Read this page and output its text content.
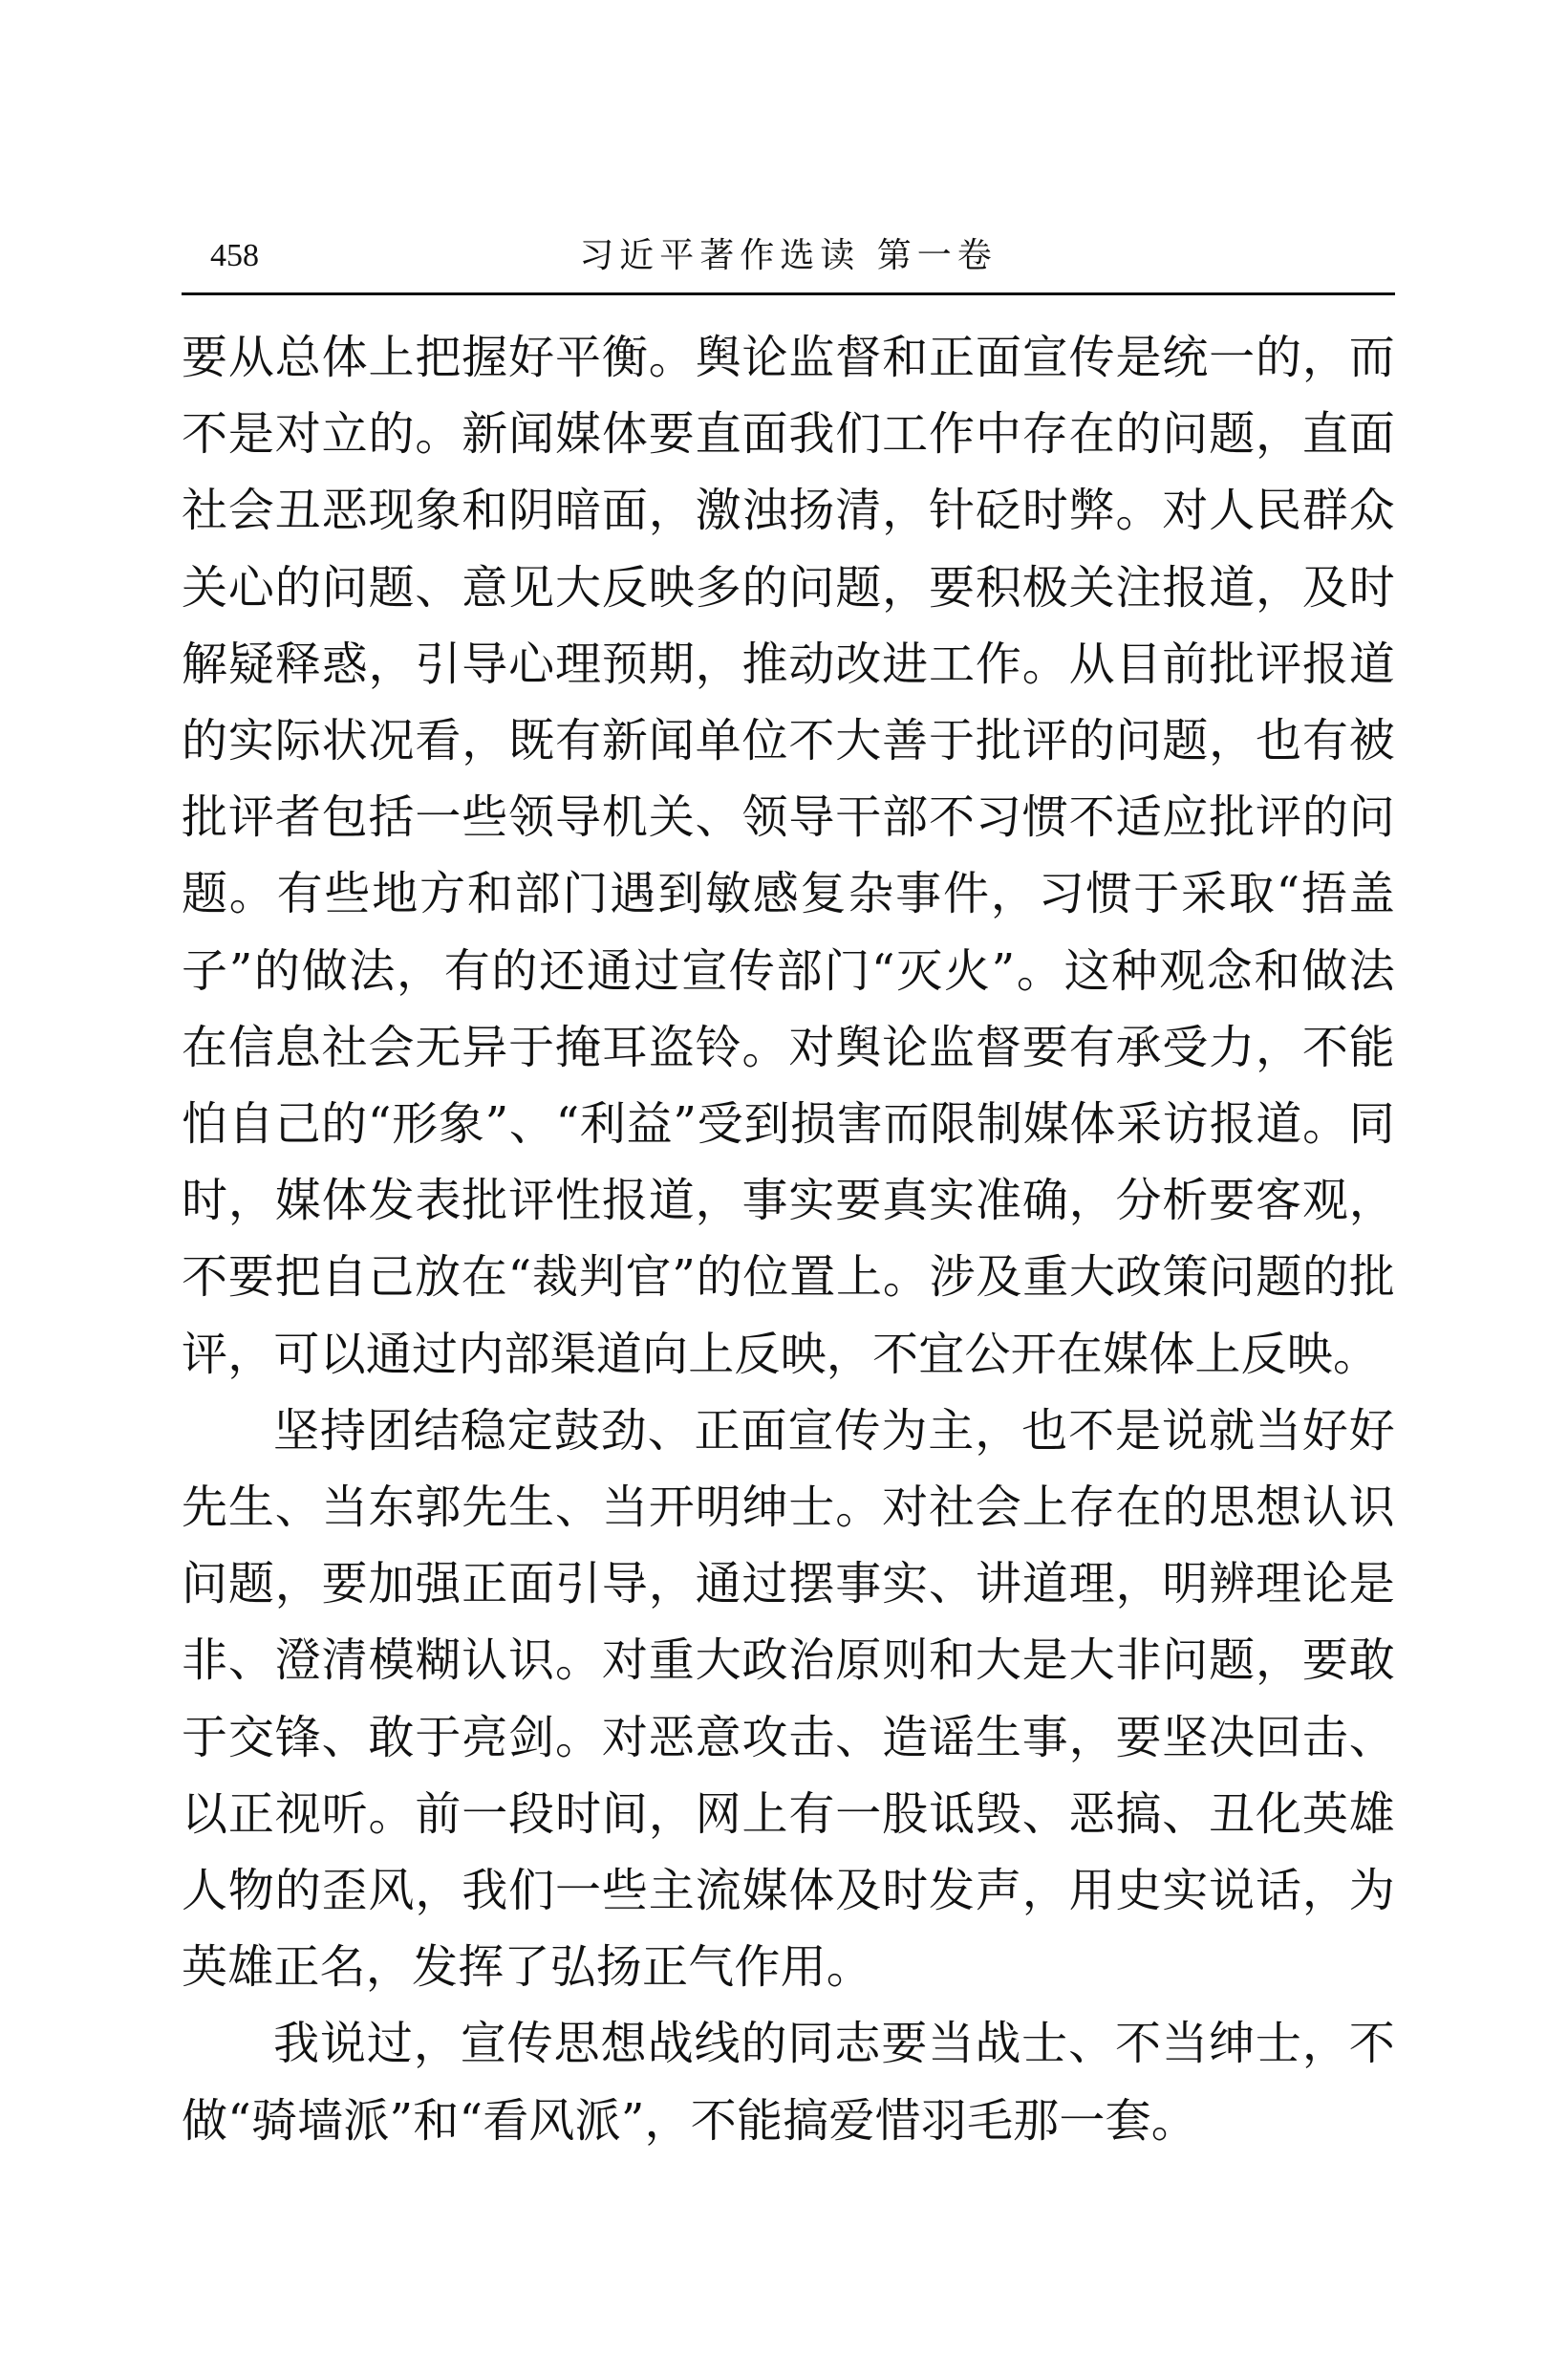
458	习近平著作选读 第一卷

要从总体上把握好平衡。舆论监督和正面宣传是统一的，而不是对立的。新闻媒体要直面我们工作中存在的问题，直面社会丑恶现象和阴暗面，激浊扬清，针砭时弊。对人民群众关心的问题、意见大反映多的问题，要积极关注报道，及时解疑释惑，引导心理预期，推动改进工作。从目前批评报道的实际状况看，既有新闻单位不大善于批评的问题，也有被批评者包括一些领导机关、领导干部不习惯不适应批评的问题。有些地方和部门遇到敏感复杂事件，习惯于采取“捂盖子”的做法，有的还通过宣传部门“灭火”。这种观念和做法在信息社会无异于掩耳盗铃。对舆论监督要有承受力，不能怕自己的“形象”、“利益”受到损害而限制媒体采访报道。同时，媒体发表批评性报道，事实要真实准确，分析要客观，不要把自己放在“裁判官”的位置上。涉及重大政策问题的批评，可以通过内部渠道向上反映，不宜公开在媒体上反映。

坚持团结稳定鼓劲、正面宣传为主，也不是说就当好好先生、当东郭先生、当开明绅士。对社会上存在的思想认识问题，要加强正面引导，通过摆事实、讲道理，明辨理论是非、澄清模糊认识。对重大政治原则和大是大非问题，要敢于交锋、敢于亮剑。对恶意攻击、造谣生事，要坚决回击、以正视听。前一段时间，网上有一股诋毁、恶搞、丑化英雄人物的歪风，我们一些主流媒体及时发声，用史实说话，为英雄正名，发挥了弘扬正气作用。

我说过，宣传思想战线的同志要当战士、不当绅士，不做“骑墙派”和“看风派”，不能搞爱惜羽毛那一套。
